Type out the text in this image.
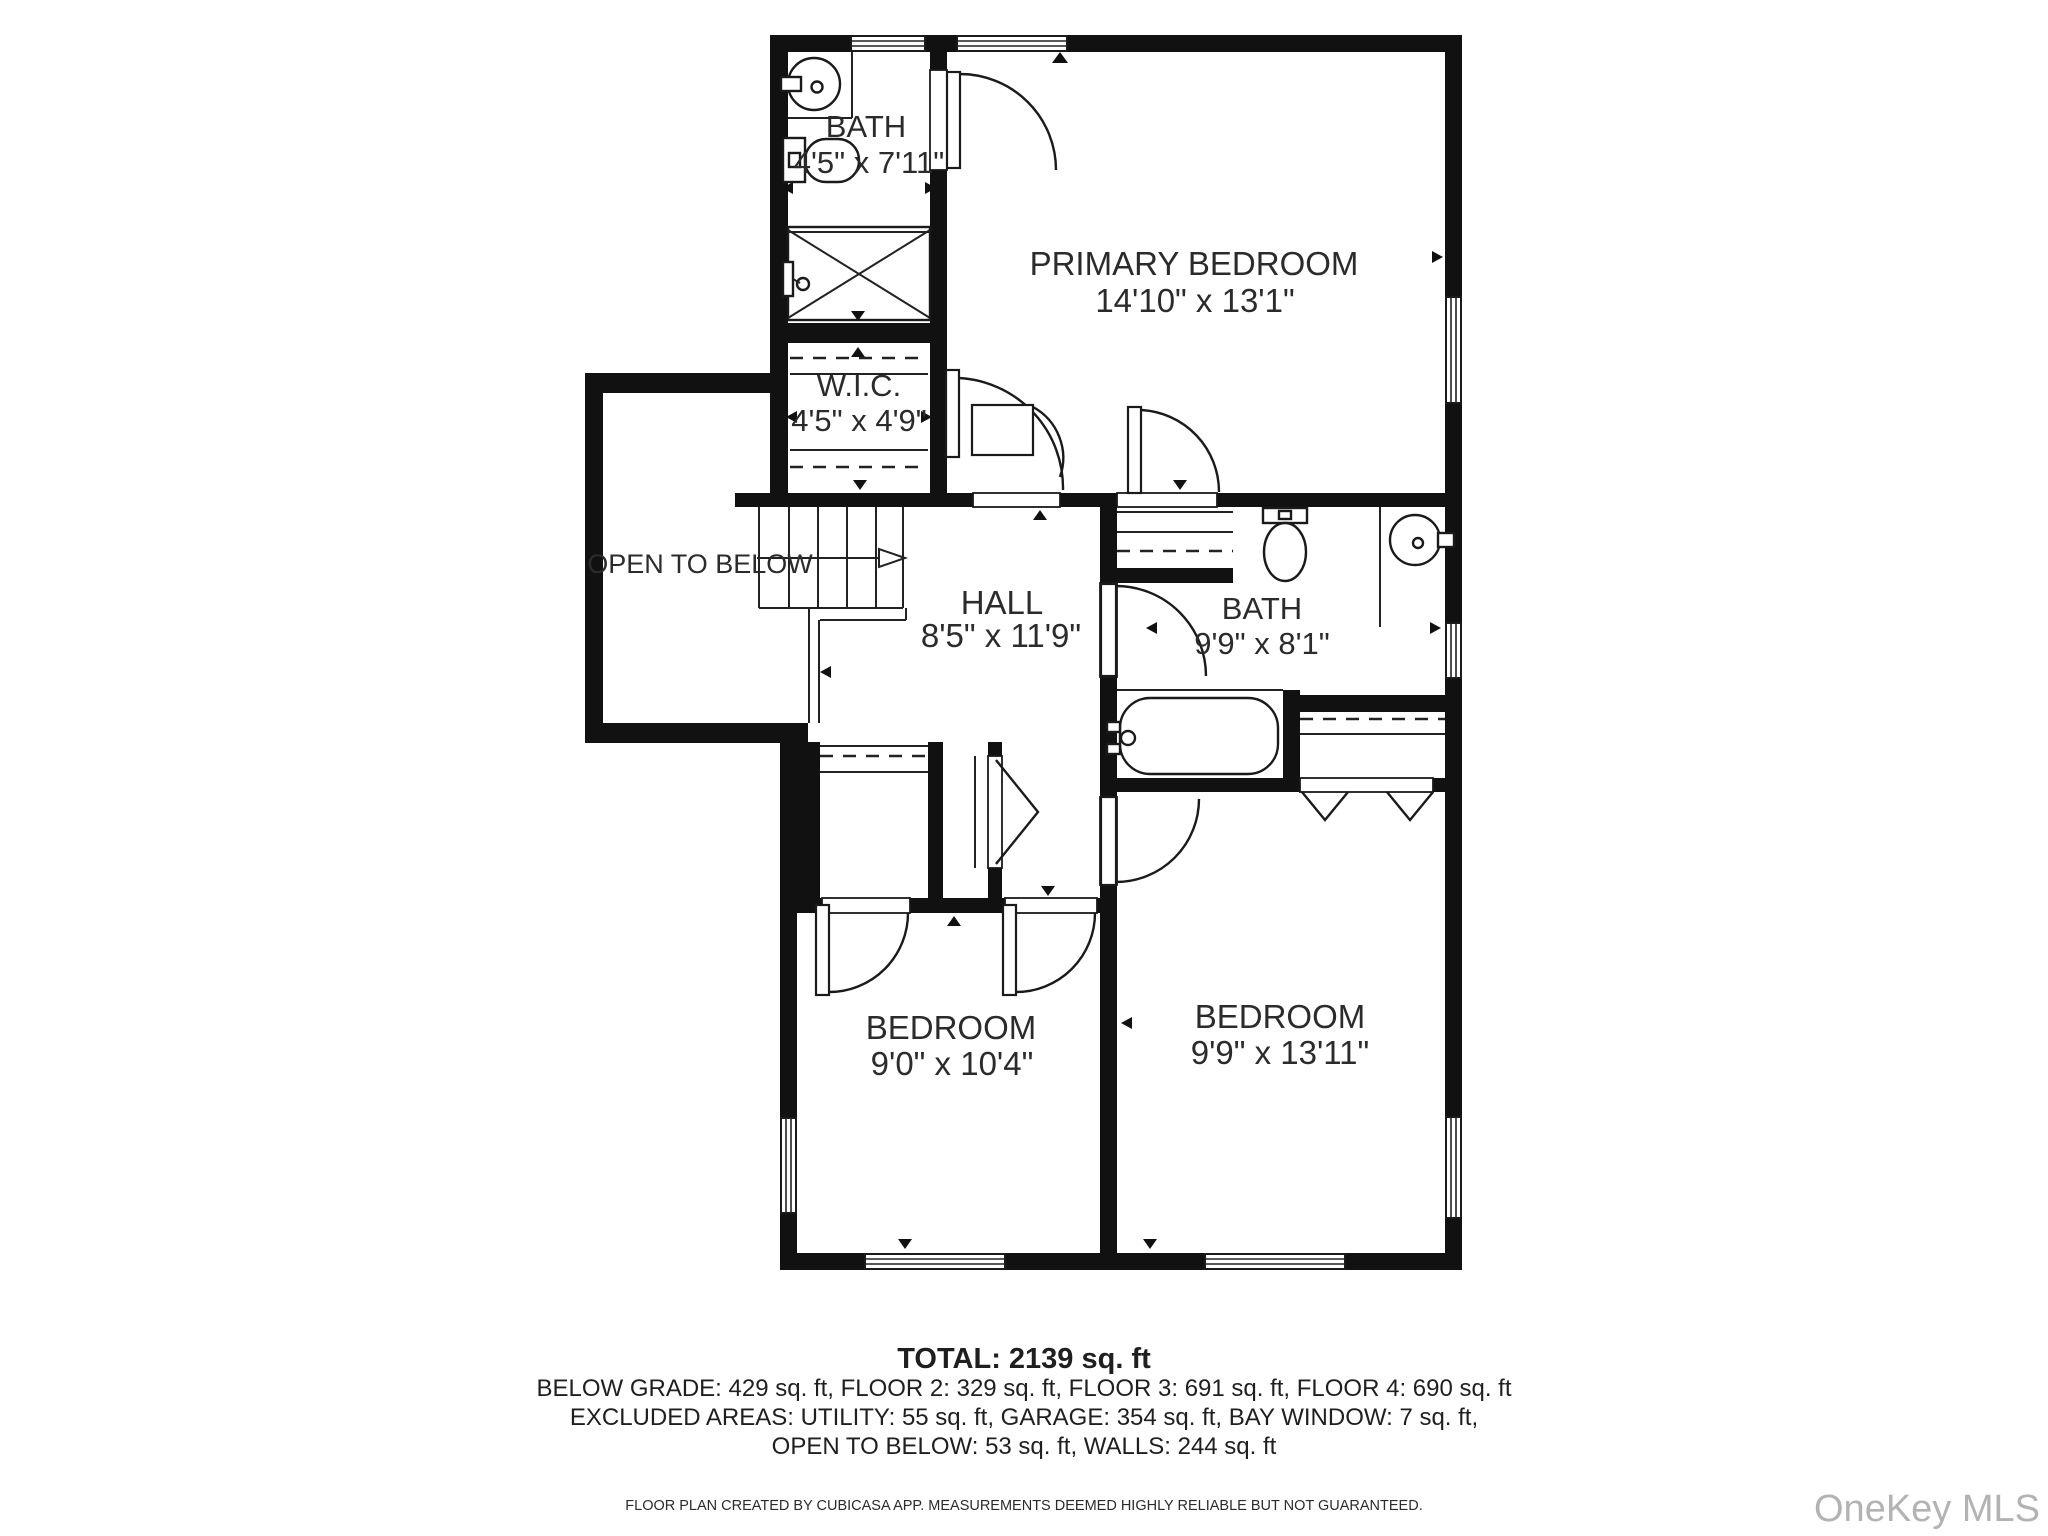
BATH
4'5" x 7'11"
PRIMARY BEDROOM
14'10" x 13'1"
W.I.C.
4'5" x 4'9"
OPEN TO BELOW
HALL
8'5" x 11'9"
BATH
9'9" x 8'1"
BEDROOM
9'0" x 10'4"
BEDROOM
9'9" x 13'11"
TOTAL: 2139 sq. ft
BELOW GRADE: 429 sq. ft, FLOOR 2: 329 sq. ft, FLOOR 3: 691 sq. ft, FLOOR 4: 690 sq. ft
EXCLUDED AREAS: UTILITY: 55 sq. ft, GARAGE: 354 sq. ft, BAY WINDOW: 7 sq. ft,
OPEN TO BELOW: 53 sq. ft, WALLS: 244 sq. ft
FLOOR PLAN CREATED BY CUBICASA APP. MEASUREMENTS DEEMED HIGHLY RELIABLE BUT NOT GUARANTEED.	OneKey MLS
